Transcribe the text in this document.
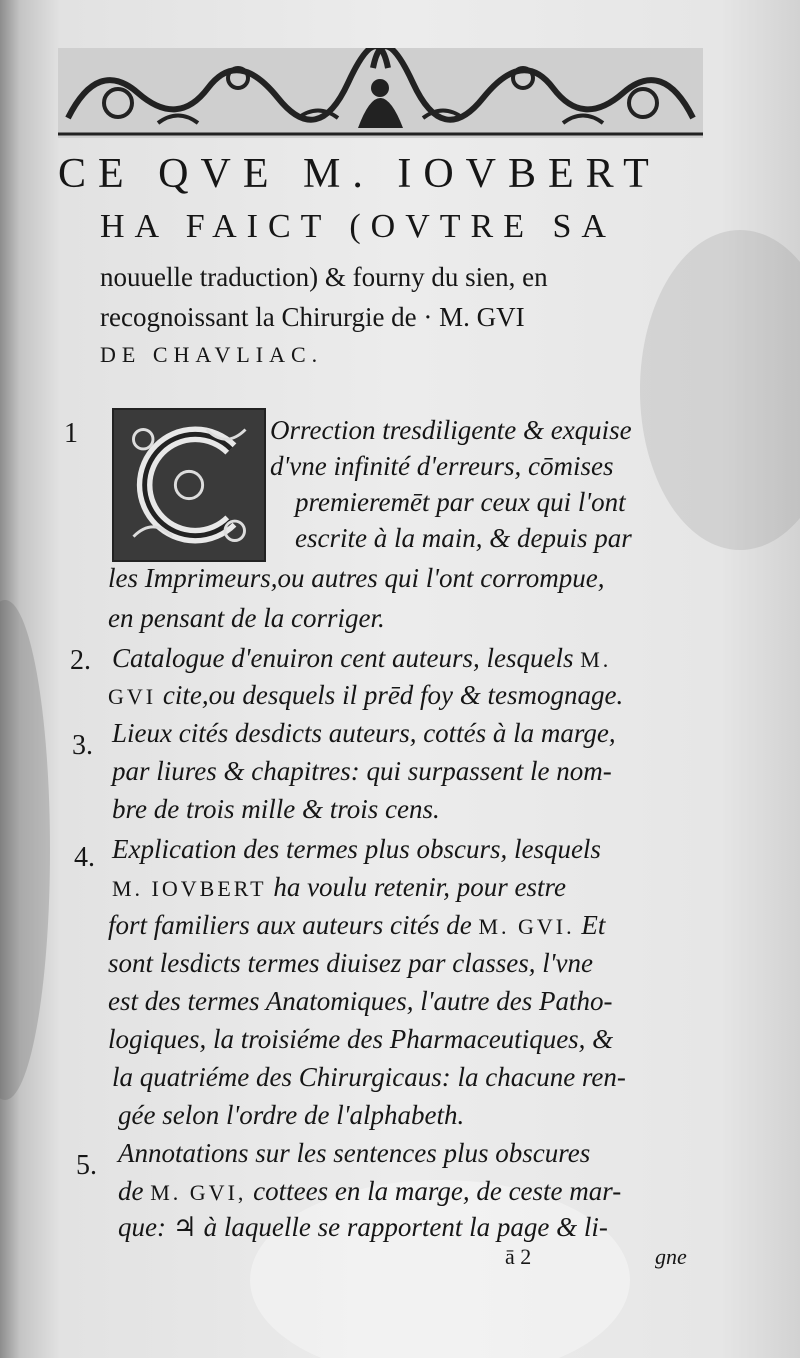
CE QVE M. IOVBERT
HA FAICT (OVTRE SA
nouuelle traduction) & fourny du sien, en
recognoissant la Chirurgie de · M. GVI
DE CHAVLIAC.
1	Orrection tresdiligente & exquise
d'vne infinité d'erreurs, cōmises
premieremēt par ceux qui l'ont
escrite à la main, & depuis par
les Imprimeurs,ou autres qui l'ont corrompue,
en pensant de la corriger.
2. Catalogue d'enuiron cent auteurs, lesquels M.
GVI cite,ou desquels il prēd foy & tesmognage.
3. Lieux cités desdicts auteurs, cottés à la marge,
par liures & chapitres: qui surpassent le nom-
bre de trois mille & trois cens.
4. Explication des termes plus obscurs, lesquels
M. IOVBERT ha voulu retenir, pour estre
fort familiers aux auteurs cités de M. GVI. Et
sont lesdicts termes diuisez par classes, l'vne
est des termes Anatomiques, l'autre des Patho-
logiques, la troisiéme des Pharmaceutiques, &
la quatriéme des Chirurgicaus: la chacune ren-
gée selon l'ordre de l'alphabeth.
5. Annotations sur les sentences plus obscures
de M. GVI, cottees en la marge, de ceste mar-
que: ♃ à laquelle se rapportent la page & li-
ā 2	gne
